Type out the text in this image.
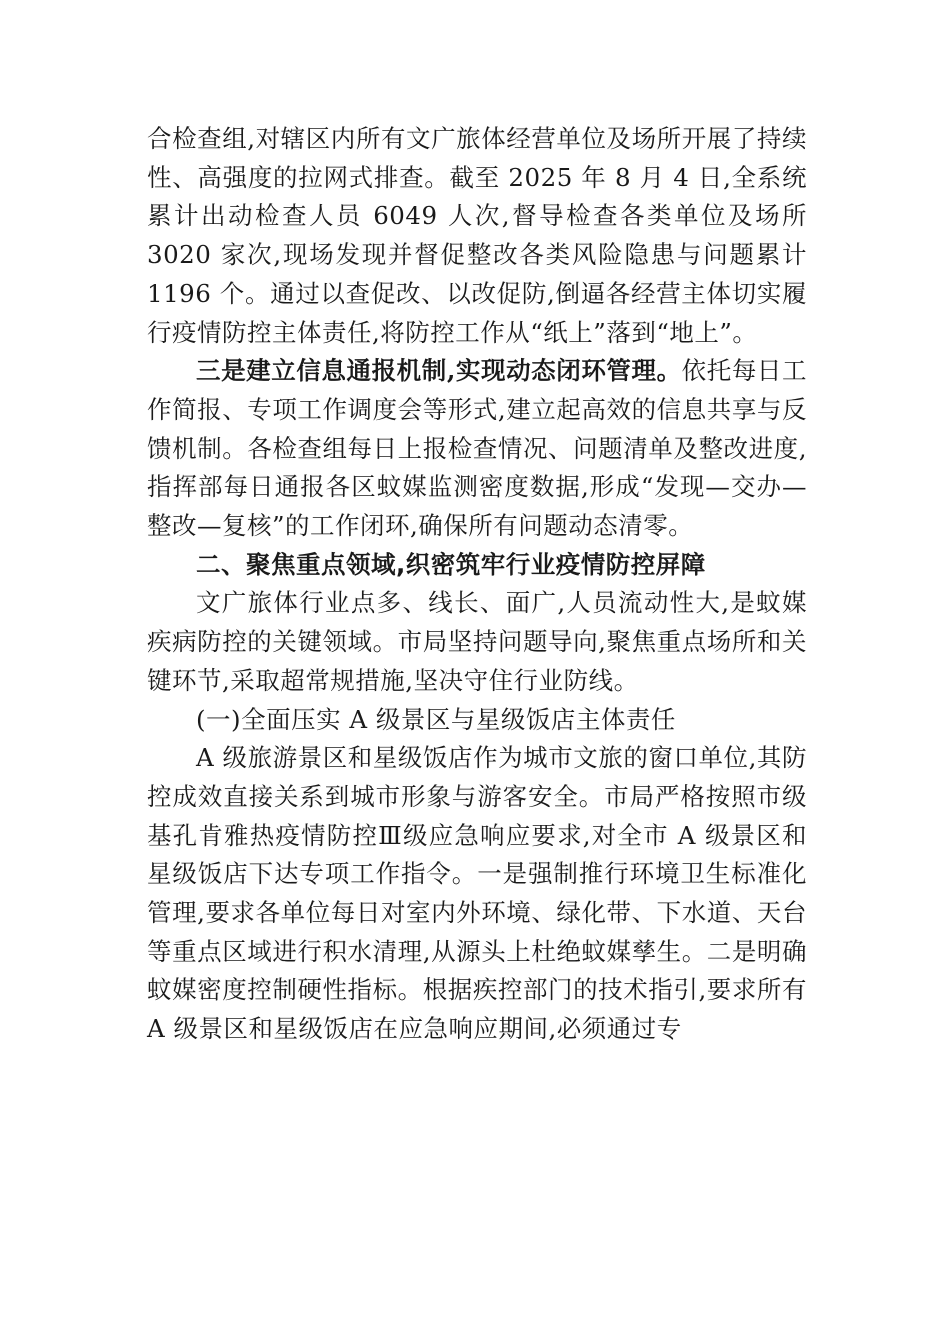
合检查组,对辖区内所有文广旅体经营单位及场所开展了持续性、高强度的拉网式排查。截至 2025 年 8 月 4 日,全系统累计出动检查人员 6049 人次,督导检查各类单位及场所 3020 家次,现场发现并督促整改各类风险隐患与问题累计 1196 个。通过以查促改、以改促防,倒逼各经营主体切实履行疫情防控主体责任,将防控工作从“纸上”落到“地上”。

三是建立信息通报机制,实现动态闭环管理。依托每日工作简报、专项工作调度会等形式,建立起高效的信息共享与反馈机制。各检查组每日上报检查情况、问题清单及整改进度,指挥部每日通报各区蚊媒监测密度数据,形成“发现—交办—整改—复核”的工作闭环,确保所有问题动态清零。

二、聚焦重点领域,织密筑牢行业疫情防控屏障

文广旅体行业点多、线长、面广,人员流动性大,是蚊媒疾病防控的关键领域。市局坚持问题导向,聚焦重点场所和关键环节,采取超常规措施,坚决守住行业防线。

(一)全面压实 A 级景区与星级饭店主体责任

A 级旅游景区和星级饭店作为城市文旅的窗口单位,其防控成效直接关系到城市形象与游客安全。市局严格按照市级基孔肯雅热疫情防控Ⅲ级应急响应要求,对全市 A 级景区和星级饭店下达专项工作指令。一是强制推行环境卫生标准化管理,要求各单位每日对室内外环境、绿化带、下水道、天台等重点区域进行积水清理,从源头上杜绝蚊媒孳生。二是明确蚊媒密度控制硬性指标。根据疾控部门的技术指引,要求所有 A 级景区和星级饭店在应急响应期间,必须通过专
